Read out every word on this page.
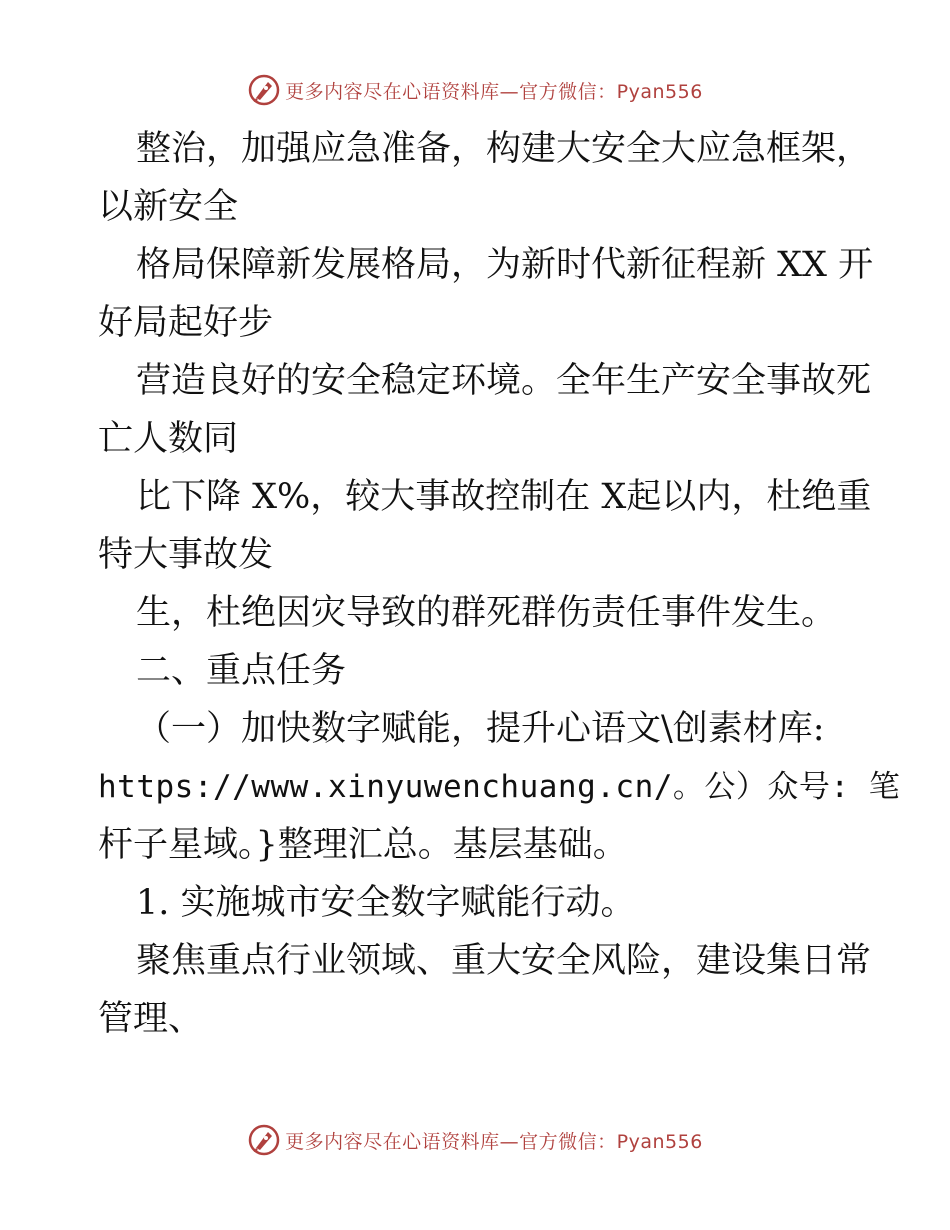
更多内容尽在心语资料库—官方微信：Pyan556

整治，加强应急准备，构建大安全大应急框架，

以新安全

格局保障新发展格局，为新时代新征程新 XX 开

好局起好步

营造良好的安全稳定环境。全年生产安全事故死

亡人数同

比下降 X%，较大事故控制在 X起以内，杜绝重

特大事故发

生，杜绝因灾导致的群死群伤责任事件发生。

二、重点任务

（一）加快数字赋能，提升心语文\创素材库:

https://www.xinyuwenchuang.cn/。公）众号: 笔

杆子星域。}整理汇总。基层基础。

1. 实施城市安全数字赋能行动。

聚焦重点行业领域、重大安全风险，建设集日常

管理、

更多内容尽在心语资料库—官方微信：Pyan556
